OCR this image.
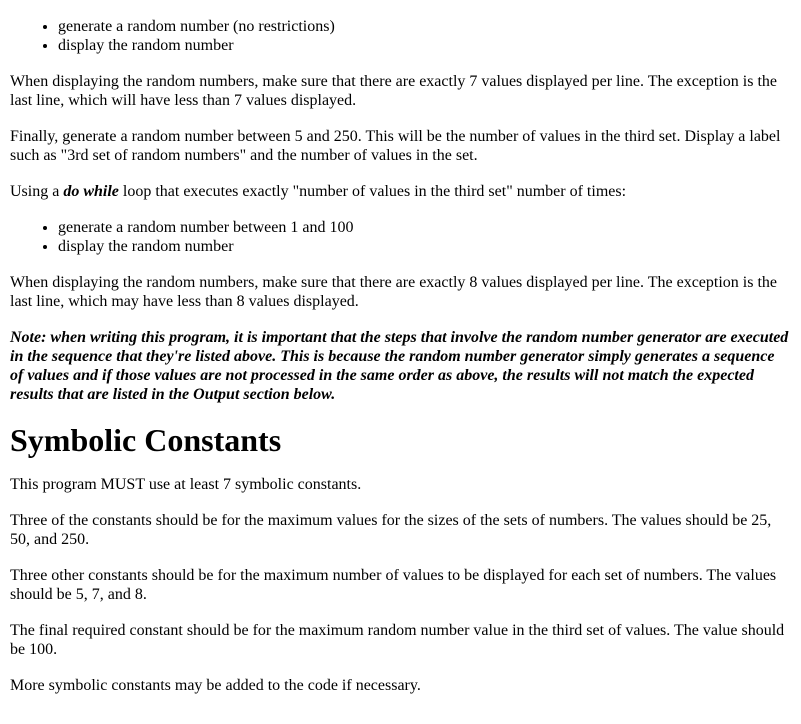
• generate a random number (no restrictions)
• display the random number

When displaying the random numbers, make sure that there are exactly 7 values displayed per line. The exception is the last line, which will have less than 7 values displayed.

Finally, generate a random number between 5 and 250. This will be the number of values in the third set. Display a label such as "3rd set of random numbers" and the number of values in the set.

Using a do while loop that executes exactly "number of values in the third set" number of times:

• generate a random number between 1 and 100
• display the random number

When displaying the random numbers, make sure that there are exactly 8 values displayed per line. The exception is the last line, which may have less than 8 values displayed.

Note: when writing this program, it is important that the steps that involve the random number generator are executed in the sequence that they're listed above. This is because the random number generator simply generates a sequence of values and if those values are not processed in the same order as above, the results will not match the expected results that are listed in the Output section below.

Symbolic Constants

This program MUST use at least 7 symbolic constants.

Three of the constants should be for the maximum values for the sizes of the sets of numbers. The values should be 25, 50, and 250.

Three other constants should be for the maximum number of values to be displayed for each set of numbers. The values should be 5, 7, and 8.

The final required constant should be for the maximum random number value in the third set of values. The value should be 100.

More symbolic constants may be added to the code if necessary.
